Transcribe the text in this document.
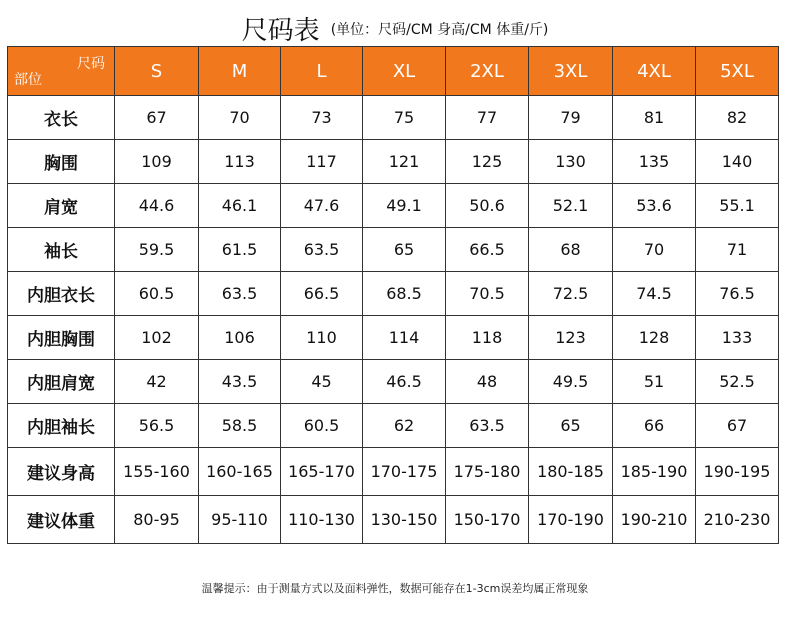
尺码表 (单位：尺码/CM 身高/CM 体重/斤)
尺码
部位	S	M	L	XL	2XL	3XL	4XL	5XL
衣长	67	70	73	75	77	79	81	82
胸围	109	113	117	121	125	130	135	140
肩宽	44.6	46.1	47.6	49.1	50.6	52.1	53.6	55.1
袖长	59.5	61.5	63.5	65	66.5	68	70	71
内胆衣长	60.5	63.5	66.5	68.5	70.5	72.5	74.5	76.5
内胆胸围	102	106	110	114	118	123	128	133
内胆肩宽	42	43.5	45	46.5	48	49.5	51	52.5
内胆袖长	56.5	58.5	60.5	62	63.5	65	66	67
建议身高	155-160	160-165	165-170	170-175	175-180	180-185	185-190	190-195
建议体重	80-95	95-110	110-130	130-150	150-170	170-190	190-210	210-230
温馨提示：由于测量方式以及面料弹性，数据可能存在1-3cm误差均属正常现象
